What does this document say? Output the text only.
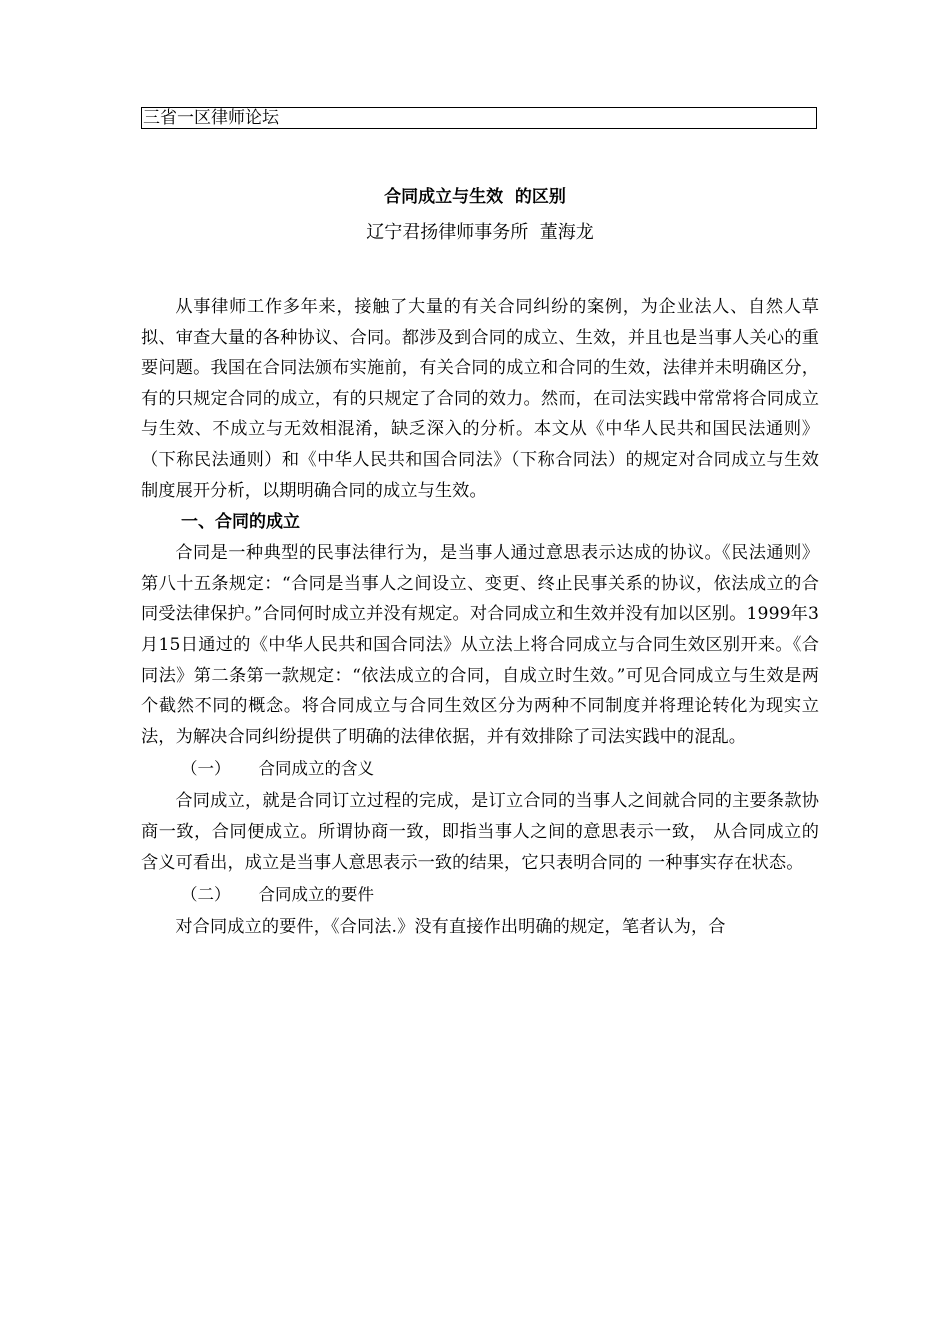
三省一区律师论坛
合同成立与生效  的区别
辽宁君扬律师事务所  董海龙

从事律师工作多年来，接触了大量的有关合同纠纷的案例，为企业法人、自然人草拟、审查大量的各种协议、合同。都涉及到合同的成立、生效，并且也是当事人关心的重要问题。我国在合同法颁布实施前，有关合同的成立和合同的生效，法律并未明确区分，有的只规定合同的成立，有的只规定了合同的效力。然而，在司法实践中常常将合同成立与生效、不成立与无效相混淆，缺乏深入的分析。本文从《中华人民共和国民法通则》（下称民法通则）和《中华人民共和国合同法》（下称合同法）的规定对合同成立与生效制度展开分析，以期明确合同的成立与生效。

一、合同的成立

合同是一种典型的民事法律行为，是当事人通过意思表示达成的协议。《民法通则》第八十五条规定：“合同是当事人之间设立、变更、终止民事关系的协议，依法成立的合同受法律保护。”合同何时成立并没有规定。对合同成立和生效并没有加以区别。1999年3月15日通过的《中华人民共和国合同法》从立法上将合同成立与合同生效区别开来。《合同法》第二条第一款规定：“依法成立的合同，自成立时生效。”可见合同成立与生效是两个截然不同的概念。将合同成立与合同生效区分为两种不同制度并将理论转化为现实立法，为解决合同纠纷提供了明确的法律依据，并有效排除了司法实践中的混乱。

（一） 合同成立的含义

合同成立，就是合同订立过程的完成，是订立合同的当事人之间就合同的主要条款协商一致，合同便成立。所谓协商一致，即指当事人之间的意思表示一致， 从合同成立的含义可看出，成立是当事人意思表示一致的结果，它只表明合同的 一种事实存在状态。

（二） 合同成立的要件

对合同成立的要件，《合同法.》没有直接作出明确的规定，笔者认为，合
